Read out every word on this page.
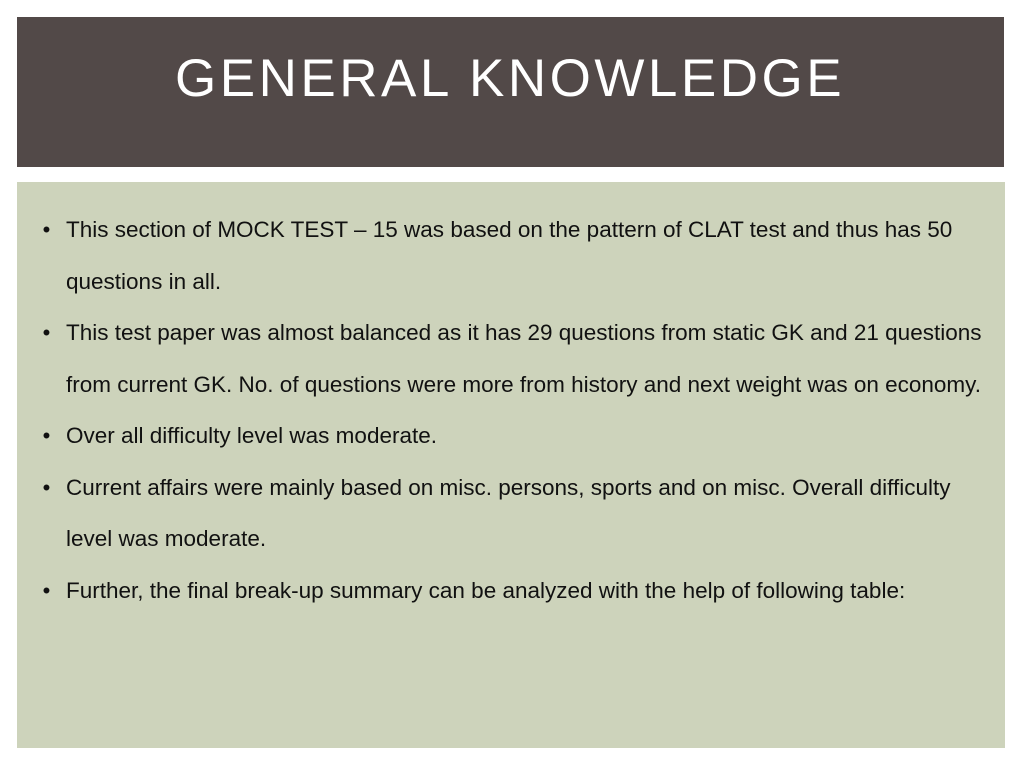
GENERAL KNOWLEDGE
• This section of MOCK TEST – 15 was based on the pattern of CLAT test and thus has 50 questions in all.
• This test paper was almost balanced as it has 29 questions from static GK and 21 questions from current GK. No. of questions were more from history and next weight was on economy.
• Over all difficulty level was moderate.
• Current affairs were mainly based on misc. persons, sports and on misc. Overall difficulty level was moderate.
• Further, the final break-up summary can be analyzed with the help of following table:
